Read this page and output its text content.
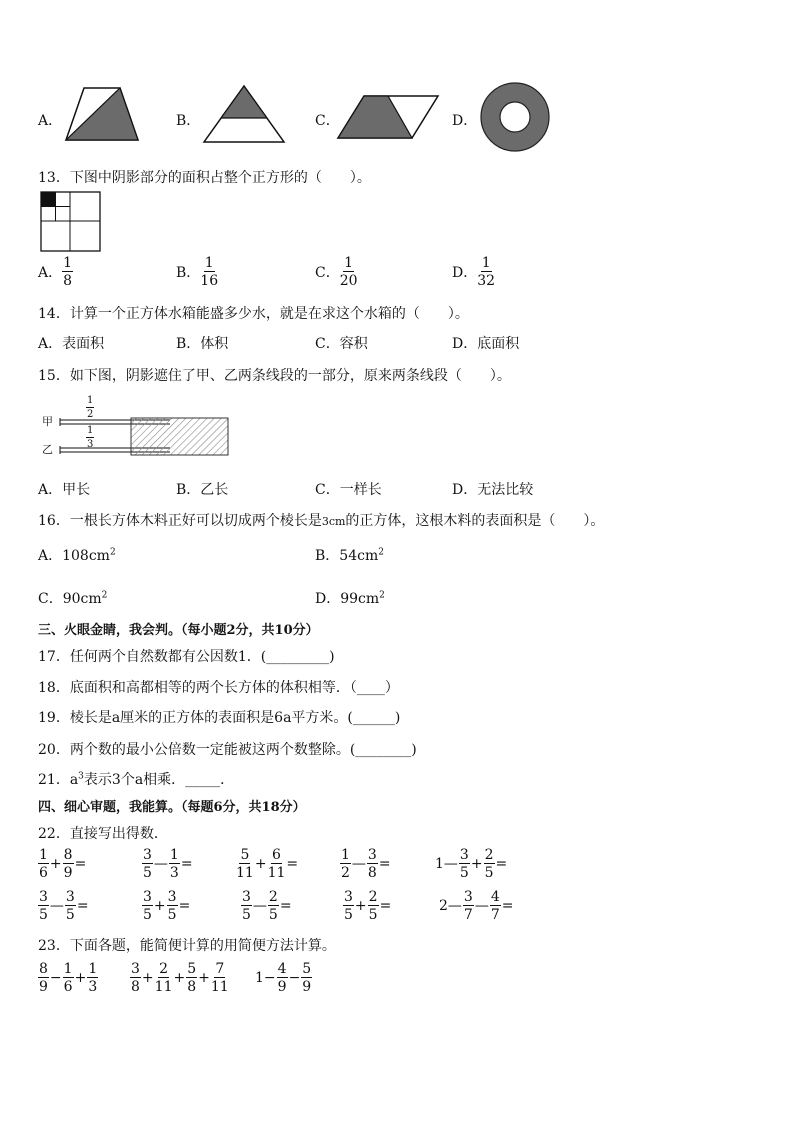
A．	B．	C．	D．
13．下图中阴影部分的面积占整个正方形的（　　）。
A． $\frac{1}{8}$	B． $\frac{1}{16}$	C． $\frac{1}{20}$	D． $\frac{1}{32}$
14．计算一个正方体水箱能盛多少水，就是在求这个水箱的（　　）。
A．表面积	B．体积	C．容积	D．底面积
15．如下图，阴影遮住了甲、乙两条线段的一部分，原来两条线段（　　）。
甲
乙
$\frac{1}{2}$
$\frac{1}{3}$
A．甲长	B．乙长	C．一样长	D．无法比较
16．一根长方体木料正好可以切成两个棱长是3cm的正方体，这根木料的表面积是（　　）。
A．$108cm^2$	B．$54cm^2$
C．$90cm^2$	D．$99cm^2$
三、火眼金睛，我会判。（每小题2分，共10分）
17．任何两个自然数都有公因数1．(_________)
18．底面积和高都相等的两个长方体的体积相等．（____）
19．棱长是a厘米的正方体的表面积是6a平方米。(______)
20．两个数的最小公倍数一定能被这两个数整除。(________)
21．$a^3$表示3个a相乘．_____．
四、细心审题，我能算。（每题6分，共18分）
22．直接写出得数．
$\frac{1}{6} + \frac{8}{9}$ =	$\frac{3}{5}$ — $\frac{1}{3}$ =	$\frac{5}{11} + \frac{6}{11}$ =	$\frac{1}{2}$ — $\frac{3}{8}$ =	1— $\frac{3}{5} + \frac{2}{5}$ =
$\frac{3}{5}$ — $\frac{3}{5}$ =	$\frac{3}{5} + \frac{3}{5}$ =	$\frac{3}{5}$ — $\frac{2}{5}$ =	$\frac{3}{5} + \frac{2}{5}$ =	2— $\frac{3}{7}$ — $\frac{4}{7}$ =
23．下面各题，能简便计算的用简便方法计算。
$\frac{8}{9} - \frac{1}{6} + \frac{1}{3} \frac{3}{8} + \frac{2}{11} + \frac{5}{8} + \frac{7}{11} 1- \frac{4}{9} - \frac{5}{9}$
